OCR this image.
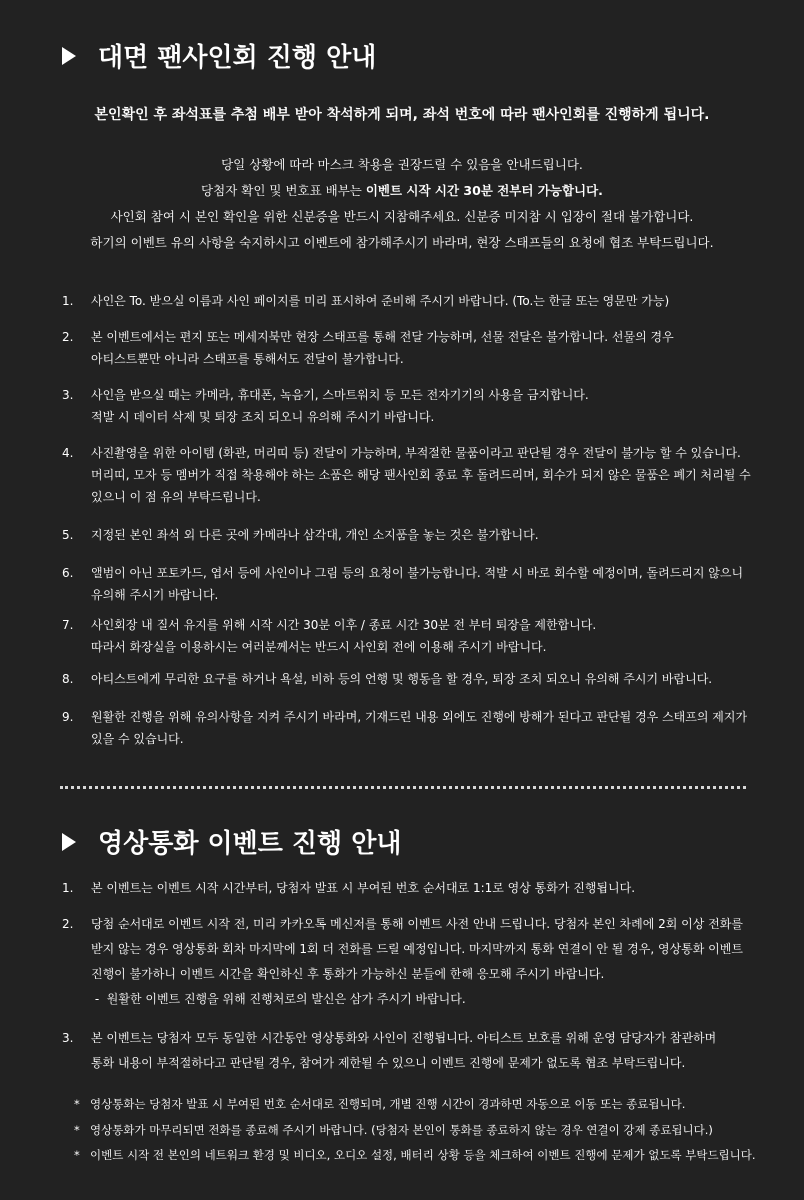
대면 팬사인회 진행 안내
본인확인 후 좌석표를 추첨 배부 받아 착석하게 되며, 좌석 번호에 따라 팬사인회를 진행하게 됩니다.
당일 상황에 따라 마스크 착용을 권장드릴 수 있음을 안내드립니다.
당첨자 확인 및 번호표 배부는 이벤트 시작 시간 30분 전부터 가능합니다.
사인회 참여 시 본인 확인을 위한 신분증을 반드시 지참해주세요. 신분증 미지참 시 입장이 절대 불가합니다.
하기의 이벤트 유의 사항을 숙지하시고 이벤트에 참가해주시기 바라며, 현장 스태프들의 요청에 협조 부탁드립니다.
1.	사인은 To. 받으실 이름과 사인 페이지를 미리 표시하여 준비해 주시기 바랍니다. (To.는 한글 또는 영문만 가능)
2.	본 이벤트에서는 편지 또는 메세지북만 현장 스태프를 통해 전달 가능하며, 선물 전달은 불가합니다. 선물의 경우
아티스트뿐만 아니라 스태프를 통해서도 전달이 불가합니다.
3.	사인을 받으실 때는 카메라, 휴대폰, 녹음기, 스마트워치 등 모든 전자기기의 사용을 금지합니다.
적발 시 데이터 삭제 및 퇴장 조치 되오니 유의해 주시기 바랍니다.
4.	사진촬영을 위한 아이템 (화관, 머리띠 등) 전달이 가능하며, 부적절한 물품이라고 판단될 경우 전달이 불가능 할 수 있습니다.
머리띠, 모자 등 멤버가 직접 착용해야 하는 소품은 해당 팬사인회 종료 후 돌려드리며, 회수가 되지 않은 물품은 폐기 처리될 수
있으니 이 점 유의 부탁드립니다.
5.	지정된 본인 좌석 외 다른 곳에 카메라나 삼각대, 개인 소지품을 놓는 것은 불가합니다.
6.	앨범이 아닌 포토카드, 엽서 등에 사인이나 그림 등의 요청이 불가능합니다. 적발 시 바로 회수할 예정이며, 돌려드리지 않으니
유의해 주시기 바랍니다.
7.	사인회장 내 질서 유지를 위해 시작 시간 30분 이후 / 종료 시간 30분 전 부터 퇴장을 제한합니다.
따라서 화장실을 이용하시는 여러분께서는 반드시 사인회 전에 이용해 주시기 바랍니다.
8.	아티스트에게 무리한 요구를 하거나 욕설, 비하 등의 언행 및 행동을 할 경우, 퇴장 조치 되오니 유의해 주시기 바랍니다.
9.	원활한 진행을 위해 유의사항을 지켜 주시기 바라며, 기재드린 내용 외에도 진행에 방해가 된다고 판단될 경우 스태프의 제지가
있을 수 있습니다.
영상통화 이벤트 진행 안내
1.	본 이벤트는 이벤트 시작 시간부터, 당첨자 발표 시 부여된 번호 순서대로 1:1로 영상 통화가 진행됩니다.
2.	당첨 순서대로 이벤트 시작 전, 미리 카카오톡 메신저를 통해 이벤트 사전 안내 드립니다. 당첨자 본인 차례에 2회 이상 전화를
받지 않는 경우 영상통화 회차 마지막에 1회 더 전화를 드릴 예정입니다. 마지막까지 통화 연결이 안 될 경우, 영상통화 이벤트
진행이 불가하니 이벤트 시간을 확인하신 후 통화가 가능하신 분들에 한해 응모해 주시기 바랍니다.
-  원활한 이벤트 진행을 위해 진행처로의 발신은 삼가 주시기 바랍니다.
3.	본 이벤트는 당첨자 모두 동일한 시간동안 영상통화와 사인이 진행됩니다. 아티스트 보호를 위해 운영 담당자가 참관하며
통화 내용이 부적절하다고 판단될 경우, 참여가 제한될 수 있으니 이벤트 진행에 문제가 없도록 협조 부탁드립니다.
* 영상통화는 당첨자 발표 시 부여된 번호 순서대로 진행되며, 개별 진행 시간이 경과하면 자동으로 이동 또는 종료됩니다.
* 영상통화가 마무리되면 전화를 종료해 주시기 바랍니다. (당첨자 본인이 통화를 종료하지 않는 경우 연결이 강제 종료됩니다.)
* 이벤트 시작 전 본인의 네트워크 환경 및 비디오, 오디오 설정, 배터리 상황 등을 체크하여 이벤트 진행에 문제가 없도록 부탁드립니다.
